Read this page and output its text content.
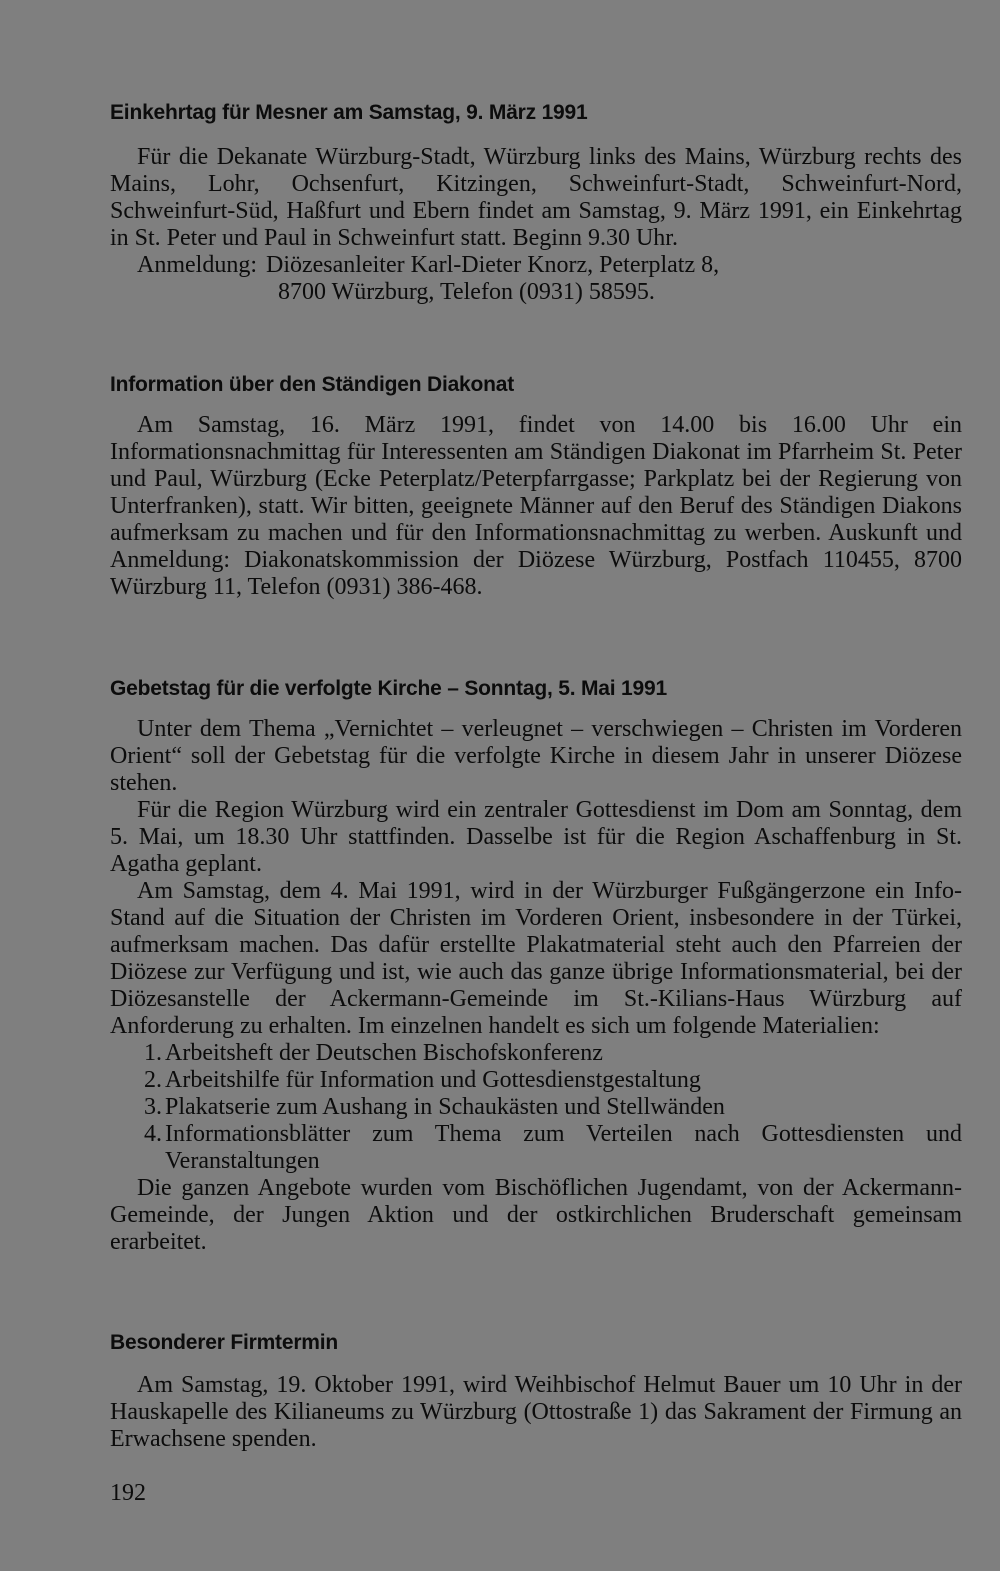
Einkehrtag für Mesner am Samstag, 9. März 1991

Für die Dekanate Würzburg-Stadt, Würzburg links des Mains, Würzburg rechts des Mains, Lohr, Ochsenfurt, Kitzingen, Schweinfurt-Stadt, Schweinfurt-Nord, Schweinfurt-Süd, Haßfurt und Ebern findet am Samstag, 9. März 1991, ein Einkehrtag in St. Peter und Paul in Schweinfurt statt. Beginn 9.30 Uhr.

Anmeldung: Diözesanleiter Karl-Dieter Knorz, Peterplatz 8,

8700 Würzburg, Telefon (0931) 58595.

Information über den Ständigen Diakonat

Am Samstag, 16. März 1991, findet von 14.00 bis 16.00 Uhr ein Informationsnachmittag für Interessenten am Ständigen Diakonat im Pfarrheim St. Peter und Paul, Würzburg (Ecke Peterplatz/Peterpfarrgasse; Parkplatz bei der Regierung von Unterfranken), statt. Wir bitten, geeignete Männer auf den Beruf des Ständigen Diakons aufmerksam zu machen und für den Informationsnachmittag zu werben. Auskunft und Anmeldung: Diakonatskommission der Diözese Würzburg, Postfach 110455, 8700 Würzburg 11, Telefon (0931) 386-468.

Gebetstag für die verfolgte Kirche – Sonntag, 5. Mai 1991

Unter dem Thema „Vernichtet – verleugnet – verschwiegen – Christen im Vorderen Orient“ soll der Gebetstag für die verfolgte Kirche in diesem Jahr in unserer Diözese stehen.

Für die Region Würzburg wird ein zentraler Gottesdienst im Dom am Sonntag, dem 5. Mai, um 18.30 Uhr stattfinden. Dasselbe ist für die Region Aschaffenburg in St. Agatha geplant.

Am Samstag, dem 4. Mai 1991, wird in der Würzburger Fußgängerzone ein Info-Stand auf die Situation der Christen im Vorderen Orient, insbesondere in der Türkei, aufmerksam machen. Das dafür erstellte Plakatmaterial steht auch den Pfarreien der Diözese zur Verfügung und ist, wie auch das ganze übrige Informationsmaterial, bei der Diözesanstelle der Ackermann-Gemeinde im St.-Kilians-Haus Würzburg auf Anforderung zu erhalten. Im einzelnen handelt es sich um folgende Materialien:

1. Arbeitsheft der Deutschen Bischofskonferenz
2. Arbeitshilfe für Information und Gottesdienstgestaltung
3. Plakatserie zum Aushang in Schaukästen und Stellwänden
4. Informationsblätter zum Thema zum Verteilen nach Gottesdiensten und Veranstaltungen

Die ganzen Angebote wurden vom Bischöflichen Jugendamt, von der Ackermann-Gemeinde, der Jungen Aktion und der ostkirchlichen Bruderschaft gemeinsam erarbeitet.

Besonderer Firmtermin

Am Samstag, 19. Oktober 1991, wird Weihbischof Helmut Bauer um 10 Uhr in der Hauskapelle des Kilianeums zu Würzburg (Ottostraße 1) das Sakrament der Firmung an Erwachsene spenden.

192
